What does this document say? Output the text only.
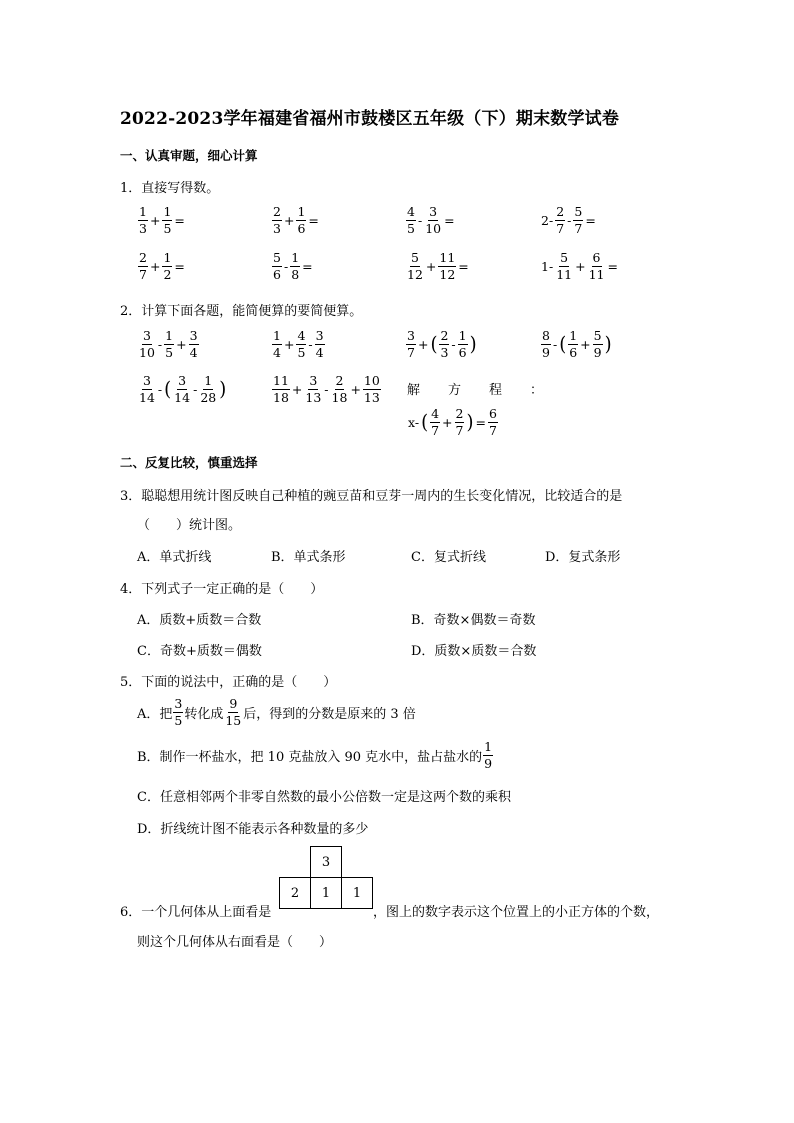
2022-2023学年福建省福州市鼓楼区五年级（下）期末数学试卷
一、认真审题，细心计算
1．直接写得数。
$\frac{1}{3} + \frac{1}{5}$ =	$\frac{2}{3} + \frac{1}{6}$ =	$\frac{4}{5} - \frac{3}{10}$ =	$2- \frac{2}{7} - \frac{5}{7}$ =
$\frac{2}{7} + \frac{1}{2}$ =	$\frac{5}{6} - \frac{1}{8}$ =	$\frac{5}{12} + \frac{11}{12}$ =	$1- \frac{5}{11} + \frac{6}{11}$ =
2．计算下面各题，能简便算的要简便算。
$\frac{3}{10} - \frac{1}{5} + \frac{3}{4}$	$\frac{1}{4} + \frac{4}{5} - \frac{3}{4}$	$\frac{3}{7}$ + ( $\frac{2}{3} - \frac{1}{6}$ )	$\frac{8}{9}$ - ( $\frac{1}{6} + \frac{5}{9}$ )
$\frac{3}{14}$ - ( $\frac{3}{14} - \frac{1}{28}$ )	$\frac{11}{18} + \frac{3}{13} - \frac{2}{18} + \frac{10}{13}$ 解 方 程 ：
x- ( $\frac{4}{7} + \frac{2}{7}$ ) = $\frac{6}{7}$
二、反复比较，慎重选择
3．聪聪想用统计图反映自己种植的豌豆苗和豆芽一周内的生长变化情况，比较适合的是
（　　）统计图。
A．单式折线	B．单式条形	C．复式折线	D．复式条形
4．下列式子一定正确的是（　　）
A．质数+质数＝合数	B．奇数×偶数＝奇数
C．奇数+质数＝偶数	D．质数×质数＝合数
5．下面的说法中，正确的是（　　）
A．把 $\frac{3}{5}$ 转化成 $\frac{9}{15}$ 后，得到的分数是原来的 3 倍
B．制作一杯盐水，把 10 克盐放入 90 克水中，盐占盐水的 $\frac{1}{9}$
C．任意相邻两个非零自然数的最小公倍数一定是这两个数的乘积
D．折线统计图不能表示各种数量的多少
3
2	1	1
6．一个几何体从上面看是	，图上的数字表示这个位置上的小正方体的个数，
则这个几何体从右面看是（　　）
